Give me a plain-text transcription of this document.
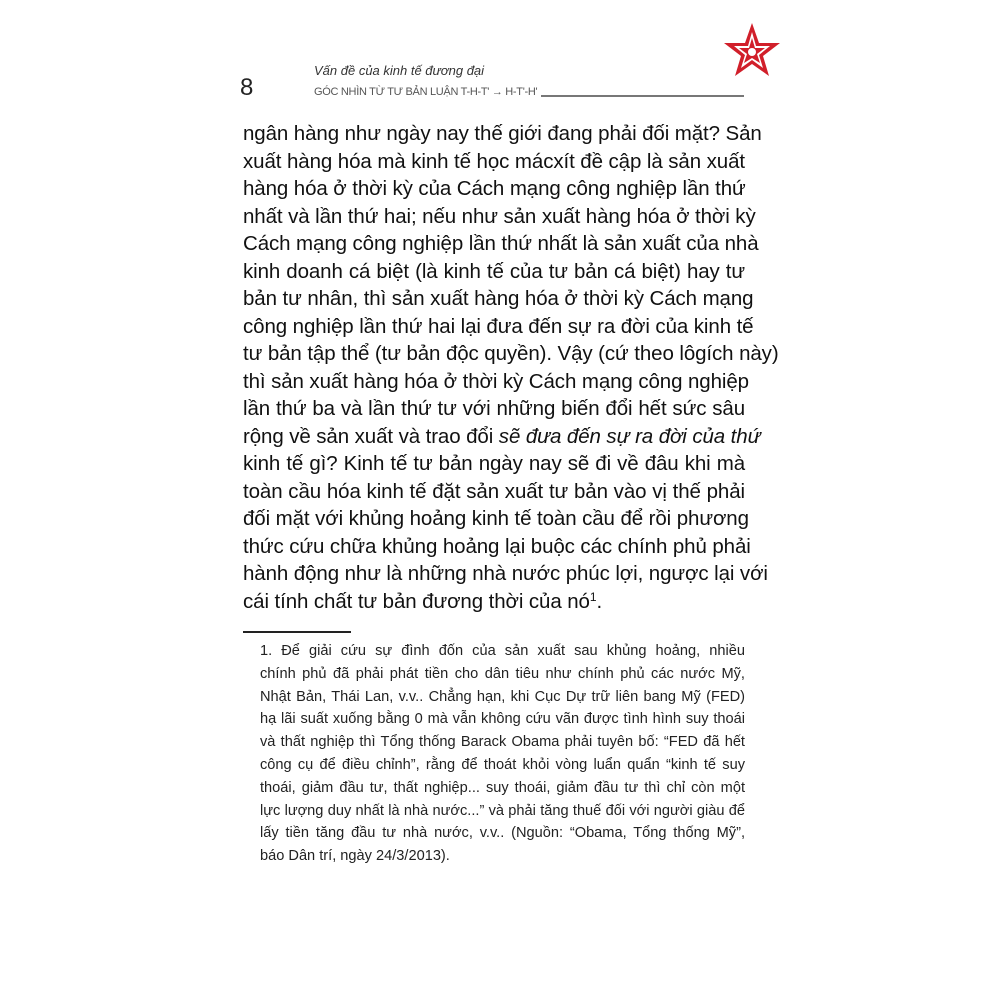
8
Vấn đề của kinh tế đương đại
GÓC NHÌN TỪ TƯ BẢN LUẬN T-H-T' → H-T'-H'
ngân hàng như ngày nay thế giới đang phải đối mặt? Sản
xuất hàng hóa mà kinh tế học mácxít đề cập là sản xuất
hàng hóa ở thời kỳ của Cách mạng công nghiệp lần thứ
nhất và lần thứ hai; nếu như sản xuất hàng hóa ở thời kỳ
Cách mạng công nghiệp lần thứ nhất là sản xuất của nhà
kinh doanh cá biệt (là kinh tế của tư bản cá biệt) hay tư
bản tư nhân, thì sản xuất hàng hóa ở thời kỳ Cách mạng
công nghiệp lần thứ hai lại đưa đến sự ra đời của kinh tế
tư bản tập thể (tư bản độc quyền). Vậy (cứ theo lôgích này)
thì sản xuất hàng hóa ở thời kỳ Cách mạng công nghiệp
lần thứ ba và lần thứ tư với những biến đổi hết sức sâu
rộng về sản xuất và trao đổi sẽ đưa đến sự ra đời của thứ
kinh tế gì? Kinh tế tư bản ngày nay sẽ đi về đâu khi mà
toàn cầu hóa kinh tế đặt sản xuất tư bản vào vị thế phải
đối mặt với khủng hoảng kinh tế toàn cầu để rồi phương
thức cứu chữa khủng hoảng lại buộc các chính phủ phải
hành động như là những nhà nước phúc lợi, ngược lại với
cái tính chất tư bản đương thời của $nó^1$.
1. Để giải cứu sự đình đốn của sản xuất sau khủng hoảng, nhiều
chính phủ đã phải phát tiền cho dân tiêu như chính phủ các nước Mỹ,
Nhật Bản, Thái Lan, v.v.. Chẳng hạn, khi Cục Dự trữ liên bang Mỹ (FED)
hạ lãi suất xuống bằng 0 mà vẫn không cứu vãn được tình hình suy thoái
và thất nghiệp thì Tổng thống Barack Obama phải tuyên bố: “FED đã hết
công cụ để điều chỉnh”, rằng để thoát khỏi vòng luẩn quẩn “kinh tế suy
thoái, giảm đầu tư, thất nghiệp... suy thoái, giảm đầu tư thì chỉ còn một
lực lượng duy nhất là nhà nước...” và phải tăng thuế đối với người giàu để
lấy tiền tăng đầu tư nhà nước, v.v.. (Nguồn: “Obama, Tổng thống Mỹ”,
báo Dân trí, ngày 24/3/2013).
